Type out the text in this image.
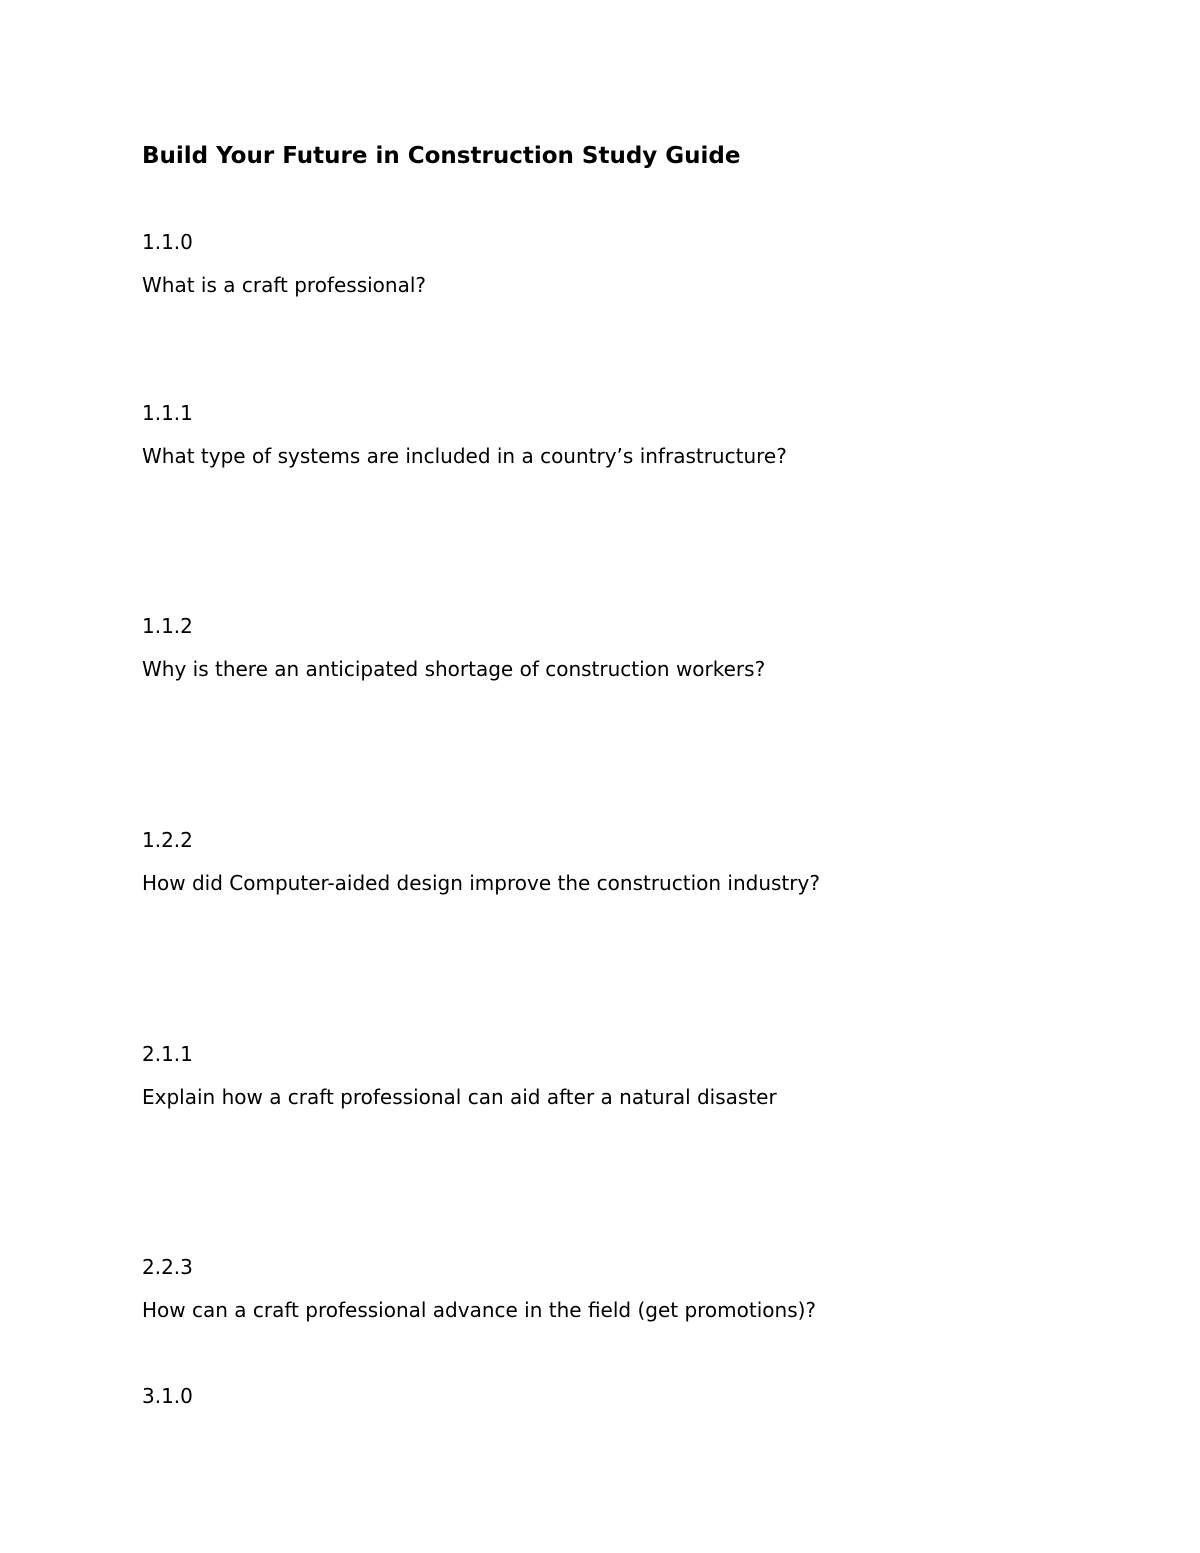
Build Your Future in Construction Study Guide
1.1.0
What is a craft professional?
1.1.1
What type of systems are included in a country’s infrastructure?
1.1.2
Why is there an anticipated shortage of construction workers?
1.2.2
How did Computer-aided design improve the construction industry?
2.1.1
Explain how a craft professional can aid after a natural disaster
2.2.3
How can a craft professional advance in the field (get promotions)?
3.1.0
